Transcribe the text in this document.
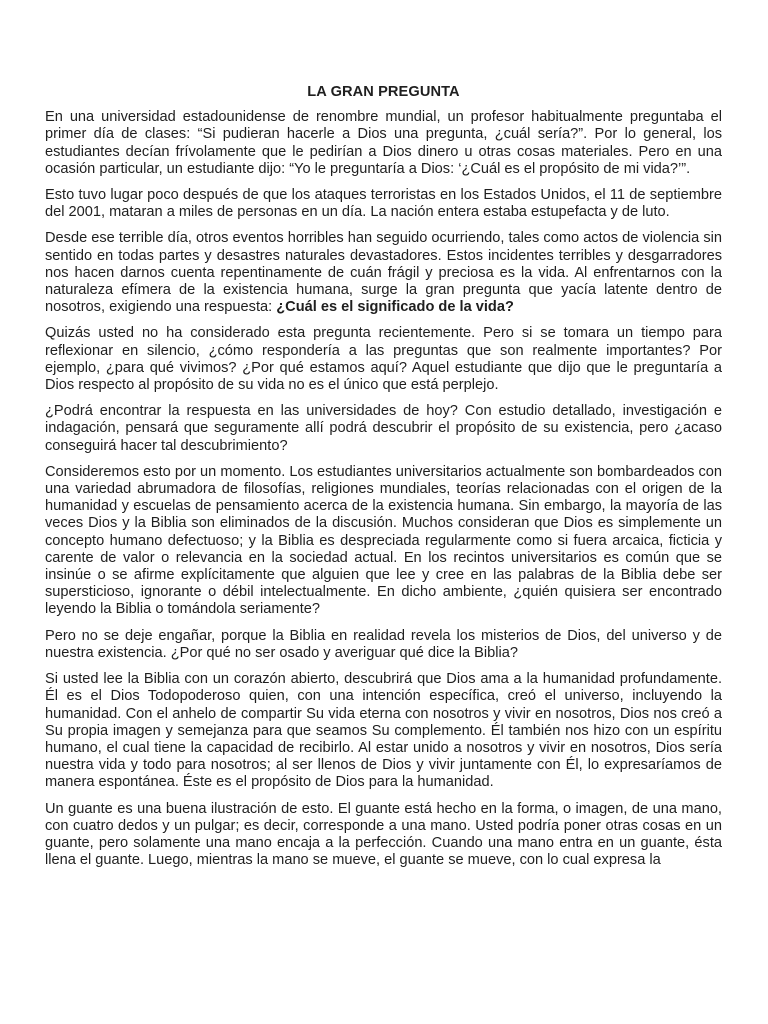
LA GRAN PREGUNTA

En una universidad estadounidense de renombre mundial, un profesor habitualmente preguntaba el primer día de clases: “Si pudieran hacerle a Dios una pregunta, ¿cuál sería?”. Por lo general, los estudiantes decían frívolamente que le pedirían a Dios dinero u otras cosas materiales. Pero en una ocasión particular, un estudiante dijo: “Yo le preguntaría a Dios: ‘¿Cuál es el propósito de mi vida?’”.

Esto tuvo lugar poco después de que los ataques terroristas en los Estados Unidos, el 11 de septiembre del 2001, mataran a miles de personas en un día. La nación entera estaba estupefacta y de luto.

Desde ese terrible día, otros eventos horribles han seguido ocurriendo, tales como actos de violencia sin sentido en todas partes y desastres naturales devastadores. Estos incidentes terribles y desgarradores nos hacen darnos cuenta repentinamente de cuán frágil y preciosa es la vida. Al enfrentarnos con la naturaleza efímera de la existencia humana, surge la gran pregunta que yacía latente dentro de nosotros, exigiendo una respuesta: ¿Cuál es el significado de la vida?

Quizás usted no ha considerado esta pregunta recientemente. Pero si se tomara un tiempo para reflexionar en silencio, ¿cómo respondería a las preguntas que son realmente importantes? Por ejemplo, ¿para qué vivimos? ¿Por qué estamos aquí? Aquel estudiante que dijo que le preguntaría a Dios respecto al propósito de su vida no es el único que está perplejo.

¿Podrá encontrar la respuesta en las universidades de hoy? Con estudio detallado, investigación e indagación, pensará que seguramente allí podrá descubrir el propósito de su existencia, pero ¿acaso conseguirá hacer tal descubrimiento?

Consideremos esto por un momento. Los estudiantes universitarios actualmente son bombardeados con una variedad abrumadora de filosofías, religiones mundiales, teorías relacionadas con el origen de la humanidad y escuelas de pensamiento acerca de la existencia humana. Sin embargo, la mayoría de las veces Dios y la Biblia son eliminados de la discusión. Muchos consideran que Dios es simplemente un concepto humano defectuoso; y la Biblia es despreciada regularmente como si fuera arcaica, ficticia y carente de valor o relevancia en la sociedad actual. En los recintos universitarios es común que se insinúe o se afirme explícitamente que alguien que lee y cree en las palabras de la Biblia debe ser supersticioso, ignorante o débil intelectualmente. En dicho ambiente, ¿quién quisiera ser encontrado leyendo la Biblia o tomándola seriamente?

Pero no se deje engañar, porque la Biblia en realidad revela los misterios de Dios, del universo y de nuestra existencia. ¿Por qué no ser osado y averiguar qué dice la Biblia?

Si usted lee la Biblia con un corazón abierto, descubrirá que Dios ama a la humanidad profundamente. Él es el Dios Todopoderoso quien, con una intención específica, creó el universo, incluyendo la humanidad. Con el anhelo de compartir Su vida eterna con nosotros y vivir en nosotros, Dios nos creó a Su propia imagen y semejanza para que seamos Su complemento. Él también nos hizo con un espíritu humano, el cual tiene la capacidad de recibirlo. Al estar unido a nosotros y vivir en nosotros, Dios sería nuestra vida y todo para nosotros; al ser llenos de Dios y vivir juntamente con Él, lo expresaríamos de manera espontánea. Éste es el propósito de Dios para la humanidad.

Un guante es una buena ilustración de esto. El guante está hecho en la forma, o imagen, de una mano, con cuatro dedos y un pulgar; es decir, corresponde a una mano. Usted podría poner otras cosas en un guante, pero solamente una mano encaja a la perfección. Cuando una mano entra en un guante, ésta llena el guante. Luego, mientras la mano se mueve, el guante se mueve, con lo cual expresa la
